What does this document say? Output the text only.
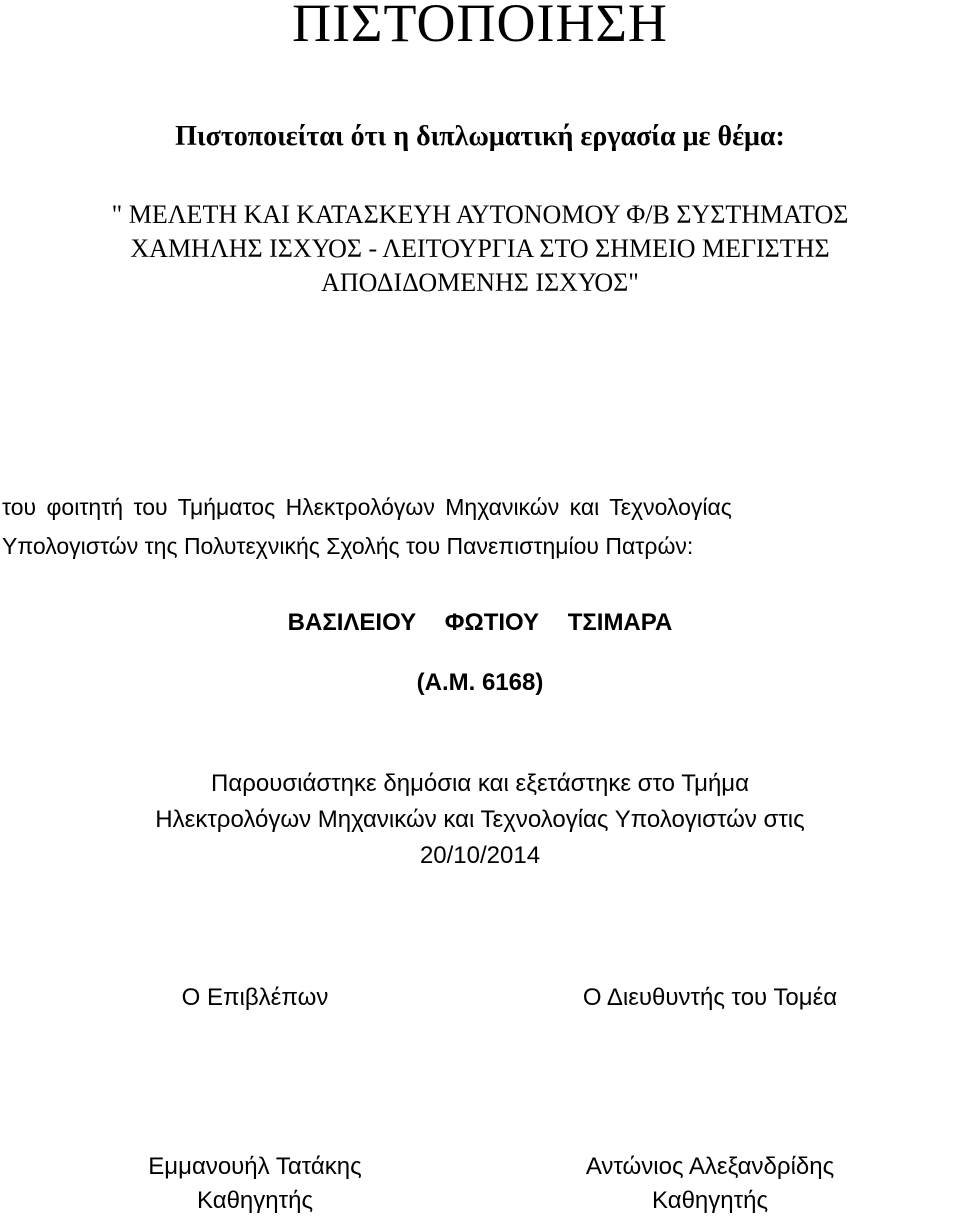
ΠΙΣΤΟΠΟΙΗΣΗ
Πιστοποιείται ότι η διπλωματική εργασία με θέμα:
" ΜΕΛΕΤΗ ΚΑΙ ΚΑΤΑΣΚΕΥΗ ΑΥΤΟΝΟΜΟΥ Φ/Β ΣΥΣΤΗΜΑΤΟΣ
ΧΑΜΗΛΗΣ ΙΣΧΥΟΣ - ΛΕΙΤΟΥΡΓΙΑ ΣΤΟ ΣΗΜΕΙΟ ΜΕΓΙΣΤΗΣ
ΑΠΟΔΙΔΟΜΕΝΗΣ ΙΣΧΥΟΣ"
του φοιτητή του Τμήματος Ηλεκτρολόγων Μηχανικών και Τεχνολογίας
Υπολογιστών της Πολυτεχνικής Σχολής του Πανεπιστημίου Πατρών:
ΒΑΣΙΛΕΙΟΥ ΦΩΤΙΟΥ ΤΣΙΜΑΡΑ
(Α.Μ. 6168)
Παρουσιάστηκε δημόσια και εξετάστηκε στο Τμήμα
Ηλεκτρολόγων Μηχανικών και Τεχνολογίας Υπολογιστών στις
20/10/2014
Ο Επιβλέπων	Ο Διευθυντής του Τομέα
Εμμανουήλ Τατάκης	Αντώνιος Αλεξανδρίδης
Καθηγητής	Καθηγητής
